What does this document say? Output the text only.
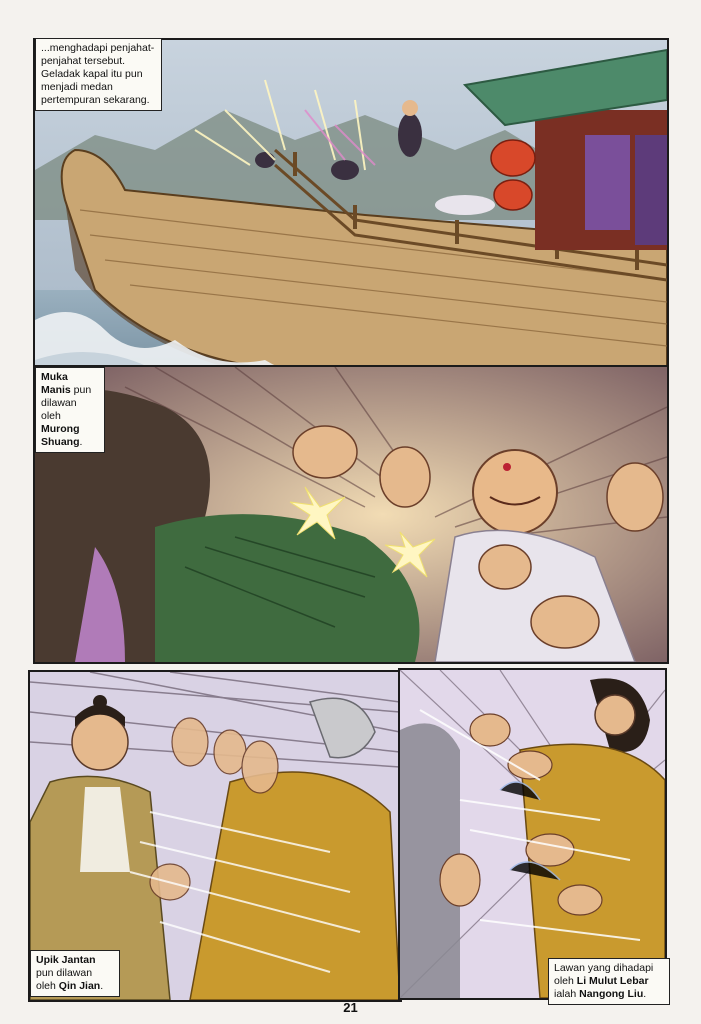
...menghadapi penjahat-penjahat tersebut. Geladak kapal itu pun menjadi medan pertempuran sekarang.
Muka Manis pun dilawan oleh Murong Shuang.
Upik Jantan pun dilawan oleh Qin Jian.
Lawan yang dihadapi oleh Li Mulut Lebar ialah Nangong Liu.
21
